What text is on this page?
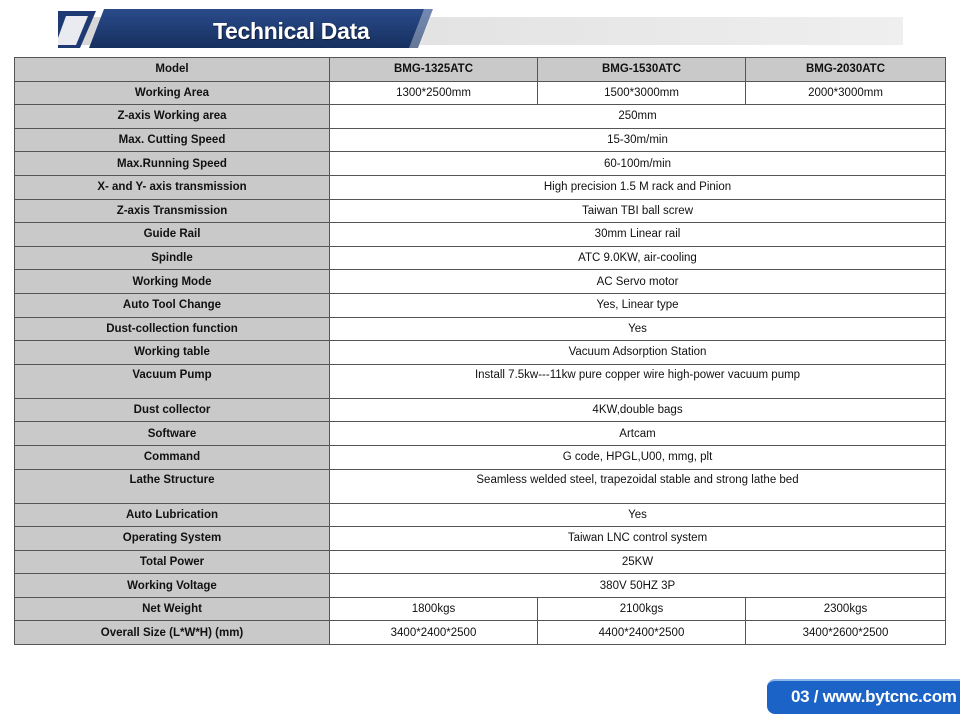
Technical Data
Model	BMG-1325ATC	BMG-1530ATC	BMG-2030ATC
Working Area	1300*2500mm	1500*3000mm	2000*3000mm
Z-axis Working area	250mm		
Max. Cutting Speed	15-30m/min		
Max.Running Speed	60-100m/min		
X- and Y- axis transmission	High precision 1.5 M rack and Pinion		
Z-axis Transmission	Taiwan TBI ball screw		
Guide Rail	30mm Linear rail		
Spindle	ATC 9.0KW, air-cooling		
Working Mode	AC Servo motor		
Auto Tool Change	Yes, Linear type		
Dust-collection function	Yes		
Working table	Vacuum Adsorption Station		
Vacuum Pump	Install 7.5kw---11kw pure copper wire high-power vacuum pump		
Dust collector	4KW,double bags		
Software	Artcam		
Command	G code, HPGL,U00, mmg, plt		
Lathe Structure	Seamless welded steel, trapezoidal stable and strong lathe bed		
Auto Lubrication	Yes		
Operating System	Taiwan LNC control system		
Total Power	25KW		
Working Voltage	380V 50HZ 3P		
Net Weight	1800kgs	2100kgs	2300kgs
Overall Size (L*W*H) (mm)	3400*2400*2500	4400*2400*2500	3400*2600*2500
03 / www.bytcnc.com
